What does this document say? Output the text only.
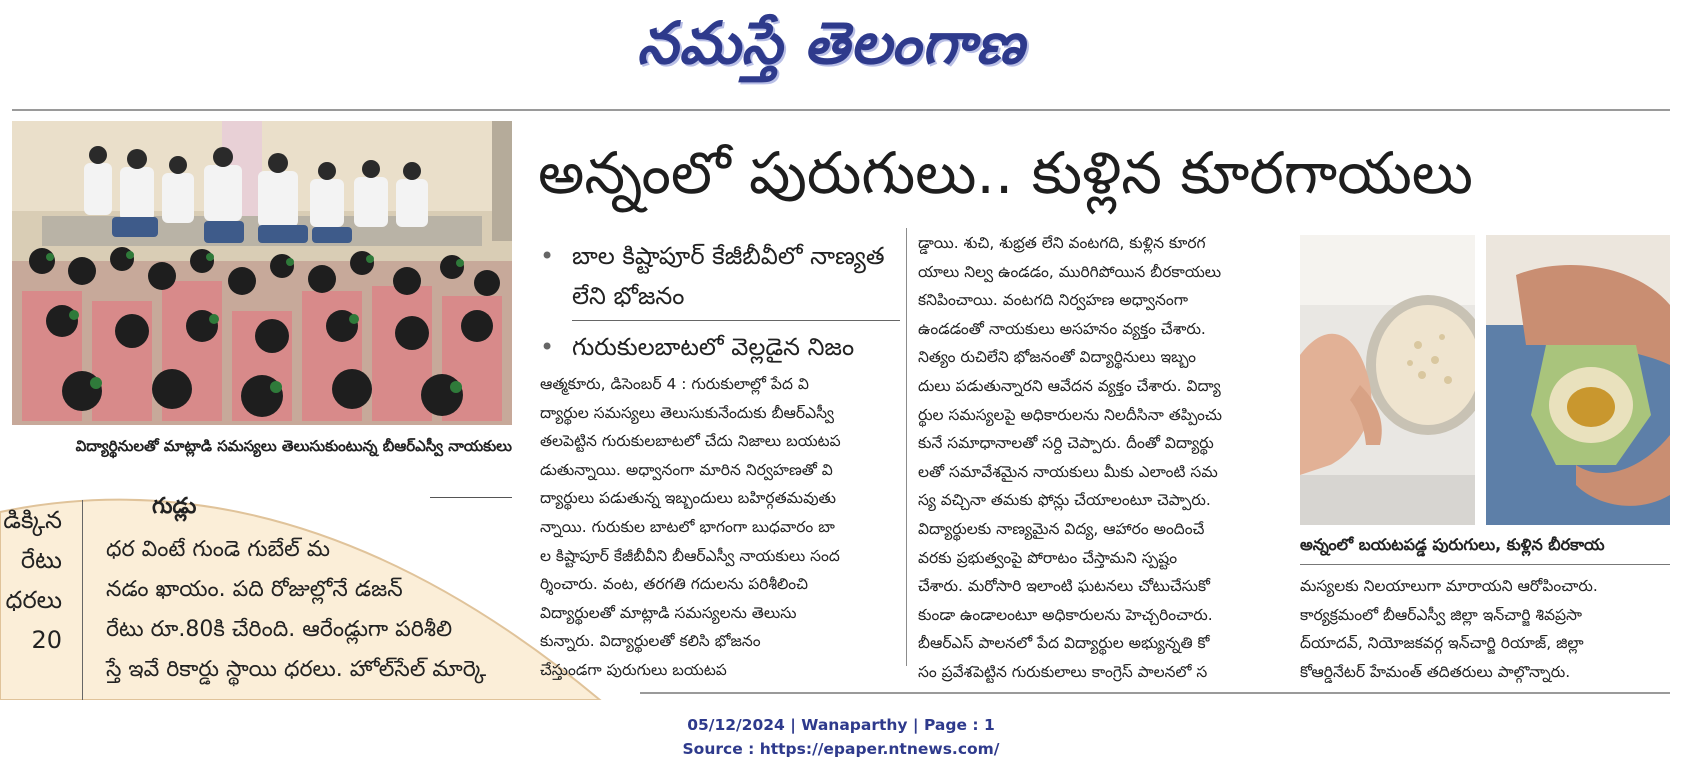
నమస్తే తెలంగాణ
విద్యార్థినులతో మాట్లాడి సమస్యలు తెలుసుకుంటున్న బీఆర్ఎస్వీ నాయకులు
డిక్కిన
రేటు
ధరలు
20
గుడ్లు
ధర వింటే గుండె గుబేల్ మ
నడం ఖాయం. పది రోజుల్లోనే డజన్
రేటు రూ.80కి చేరింది. ఆరేండ్లుగా పరిశీలి
స్తే ఇవే రికార్డు స్థాయి ధరలు. హోల్‌సేల్ మార్కె
అన్నంలో పురుగులు.. కుళ్లిన కూరగాయలు
• బాల కిష్టాపూర్ కేజీబీవీలో నాణ్యత లేని భోజనం
• గురుకులబాటలో వెల్లడైన నిజం
ఆత్మకూరు, డిసెంబర్ 4 : గురుకులాల్లో పేద వి
ద్యార్థుల సమస్యలు తెలుసుకునేందుకు బీఆర్ఎస్వీ
తలపెట్టిన గురుకులబాటలో చేదు నిజాలు బయటప
డుతున్నాయి. అధ్వానంగా మారిన నిర్వహణతో వి
ద్యార్థులు పడుతున్న ఇబ్బందులు బహిర్గతమవుతు
న్నాయి. గురుకుల బాటలో భాగంగా బుధవారం బా
ల కిష్టాపూర్ కేజీబీవీని బీఆర్ఎస్వీ నాయకులు సంద
ర్శించారు. వంట, తరగతి గదులను పరిశీలించి
విద్యార్థులతో మాట్లాడి సమస్యలను తెలుసు
కున్నారు. విద్యార్థులతో కలిసి భోజనం
చేస్తుండగా పురుగులు బయటప
డ్డాయి. శుచి, శుభ్రత లేని వంటగది, కుళ్లిన కూరగ
యాలు నిల్వ ఉండడం, మురిగిపోయిన బీరకాయలు
కనిపించాయి. వంటగది నిర్వహణ అధ్వానంగా
ఉండడంతో నాయకులు అసహనం వ్యక్తం చేశారు.
నిత్యం రుచిలేని భోజనంతో విద్యార్థినులు ఇబ్బం
దులు పడుతున్నారని ఆవేదన వ్యక్తం చేశారు. విద్యా
ర్థుల సమస్యలపై అధికారులను నిలదీసినా తప్పించు
కునే సమాధానాలతో సర్ది చెప్పారు. దీంతో విద్యార్థు
లతో సమావేశమైన నాయకులు మీకు ఎలాంటి సమ
స్య వచ్చినా తమకు ఫోన్లు చేయాలంటూ చెప్పారు.
విద్యార్థులకు నాణ్యమైన విద్య, ఆహారం అందించే
వరకు ప్రభుత్వంపై పోరాటం చేస్తామని స్పష్టం
చేశారు. మరోసారి ఇలాంటి ఘటనలు చోటుచేసుకో
కుండా ఉండాలంటూ అధికారులను హెచ్చరించారు.
బీఆర్ఎస్ పాలనలో పేద విద్యార్థుల అభ్యున్నతి కో
సం ప్రవేశపెట్టిన గురుకులాలు కాంగ్రెస్ పాలనలో స
అన్నంలో బయటపడ్డ పురుగులు, కుళ్లిన బీరకాయ
మస్యలకు నిలయాలుగా మారాయని ఆరోపించారు.
కార్యక్రమంలో బీఆర్ఎస్వీ జిల్లా ఇన్‌చార్జి శివప్రసా
ద్‌యాదవ్, నియోజకవర్గ ఇన్‌చార్జి రియాజ్, జిల్లా
కోఆర్డినేటర్ హేమంత్ తదితరులు పాల్గొన్నారు.
05/12/2024 | Wanaparthy | Page : 1
Source : https://epaper.ntnews.com/
